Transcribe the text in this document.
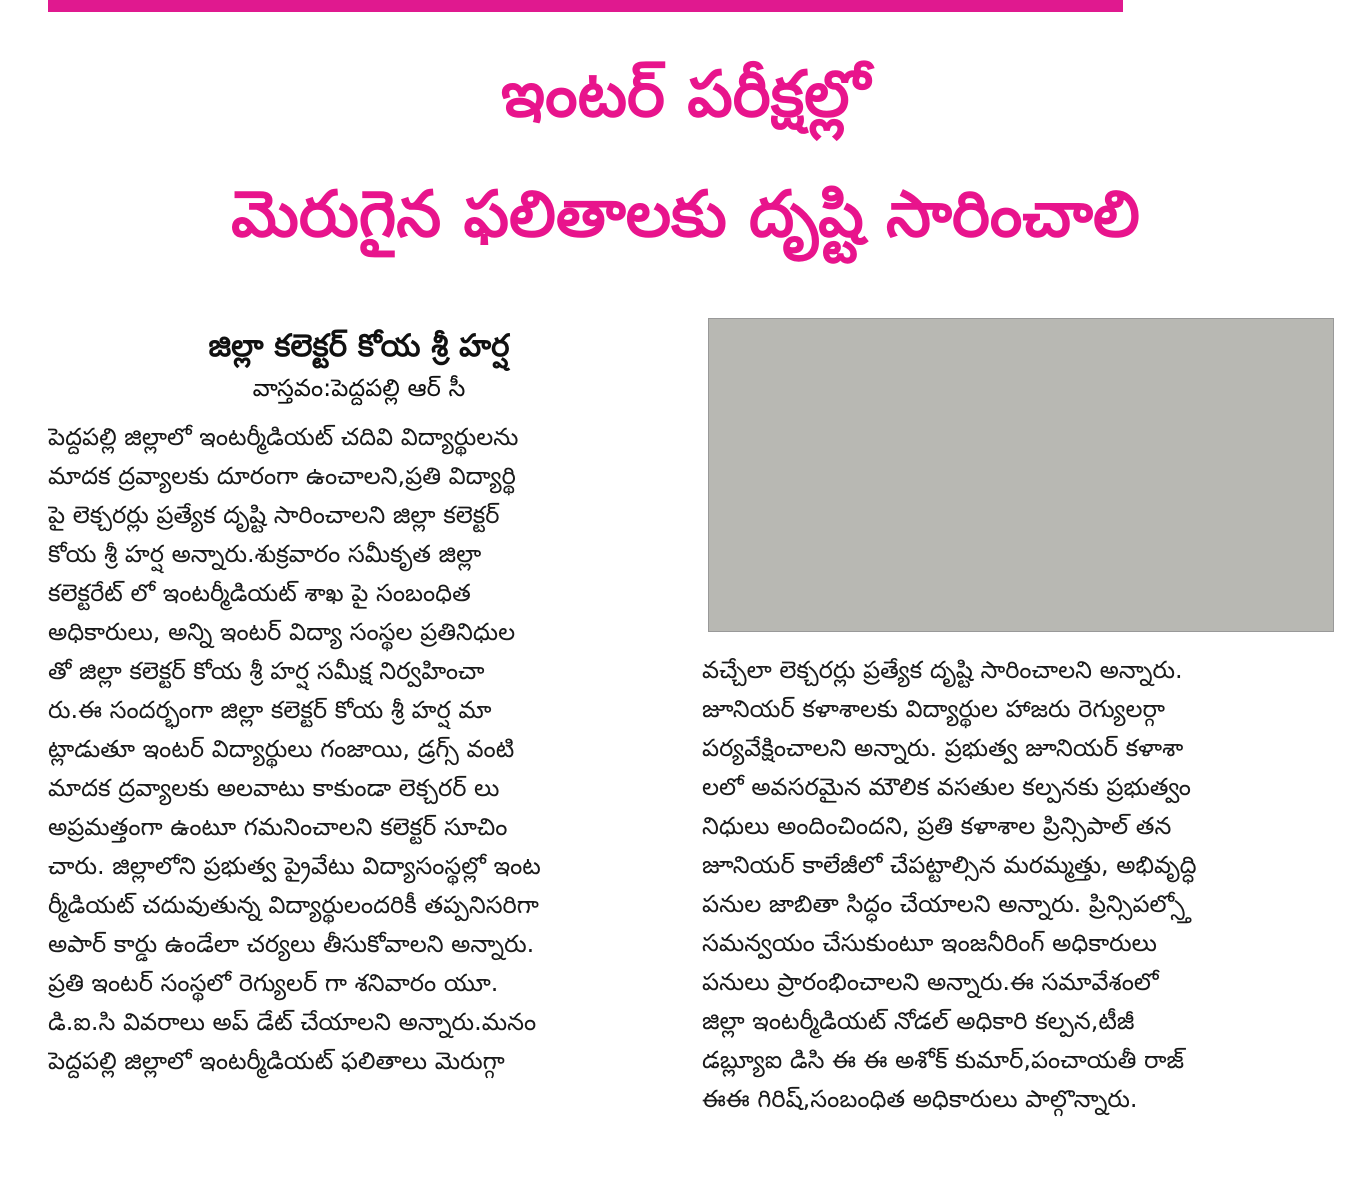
ఇంటర్ పరీక్షల్లో
మెరుగైన ఫలితాలకు దృష్టి సారించాలి
జిల్లా కలెక్టర్ కోయ శ్రీ హర్ష
వాస్తవం:పెద్దపల్లి ఆర్ సీ
పెద్దపల్లి జిల్లాలో ఇంటర్మీడియట్ చదివి విద్యార్థులను
మాదక ద్రవ్యాలకు దూరంగా ఉంచాలని,ప్రతి విద్యార్థి
పై లెక్చరర్లు ప్రత్యేక దృష్టి సారించాలని జిల్లా కలెక్టర్
కోయ శ్రీ హర్ష అన్నారు.శుక్రవారం సమీకృత జిల్లా
కలెక్టరేట్ లో ఇంటర్మీడియట్ శాఖ పై సంబంధిత
అధికారులు, అన్ని ఇంటర్ విద్యా సంస్థల ప్రతినిధుల
తో జిల్లా కలెక్టర్ కోయ శ్రీ హర్ష సమీక్ష నిర్వహించా
రు.ఈ సందర్భంగా జిల్లా కలెక్టర్ కోయ శ్రీ హర్ష మా
ట్లాడుతూ ఇంటర్ విద్యార్థులు గంజాయి, డ్రగ్స్ వంటి
మాదక ద్రవ్యాలకు అలవాటు కాకుండా లెక్చరర్ లు
అప్రమత్తంగా ఉంటూ గమనించాలని కలెక్టర్ సూచిం
చారు. జిల్లాలోని ప్రభుత్వ ప్రైవేటు విద్యాసంస్థల్లో ఇంట
ర్మీడియట్ చదువుతున్న విద్యార్థులందరికీ తప్పనిసరిగా
అపార్ కార్డు ఉండేలా చర్యలు తీసుకోవాలని అన్నారు.
ప్రతి ఇంటర్ సంస్థలో రెగ్యులర్ గా శనివారం యూ.
డి.ఐ.సి వివరాలు అప్ డేట్ చేయాలని అన్నారు.మనం
పెద్దపల్లి జిల్లాలో ఇంటర్మీడియట్ ఫలితాలు మెరుగ్గా
వచ్చేలా లెక్చరర్లు ప్రత్యేక దృష్టి సారించాలని అన్నారు.
జూనియర్ కళాశాలకు విద్యార్థుల హాజరు రెగ్యులర్గా
పర్యవేక్షించాలని అన్నారు. ప్రభుత్వ జూనియర్ కళాశా
లలో అవసరమైన మౌలిక వసతుల కల్పనకు ప్రభుత్వం
నిధులు అందించిందని, ప్రతి కళాశాల ప్రిన్సిపాల్ తన
జూనియర్ కాలేజీలో చేపట్టాల్సిన మరమ్మత్తు, అభివృద్ధి
పనుల జాబితా సిద్ధం చేయాలని అన్నారు. ప్రిన్సిపల్స్తో
సమన్వయం చేసుకుంటూ ఇంజనీరింగ్ అధికారులు
పనులు ప్రారంభించాలని అన్నారు.ఈ సమావేశంలో
జిల్లా ఇంటర్మీడియట్ నోడల్ అధికారి కల్పన,టీజీ
డబ్ల్యూఐ డిసి ఈ ఈ అశోక్ కుమార్,పంచాయతీ రాజ్
ఈఈ గిరిష్,సంబంధిత అధికారులు పాల్గొన్నారు.
